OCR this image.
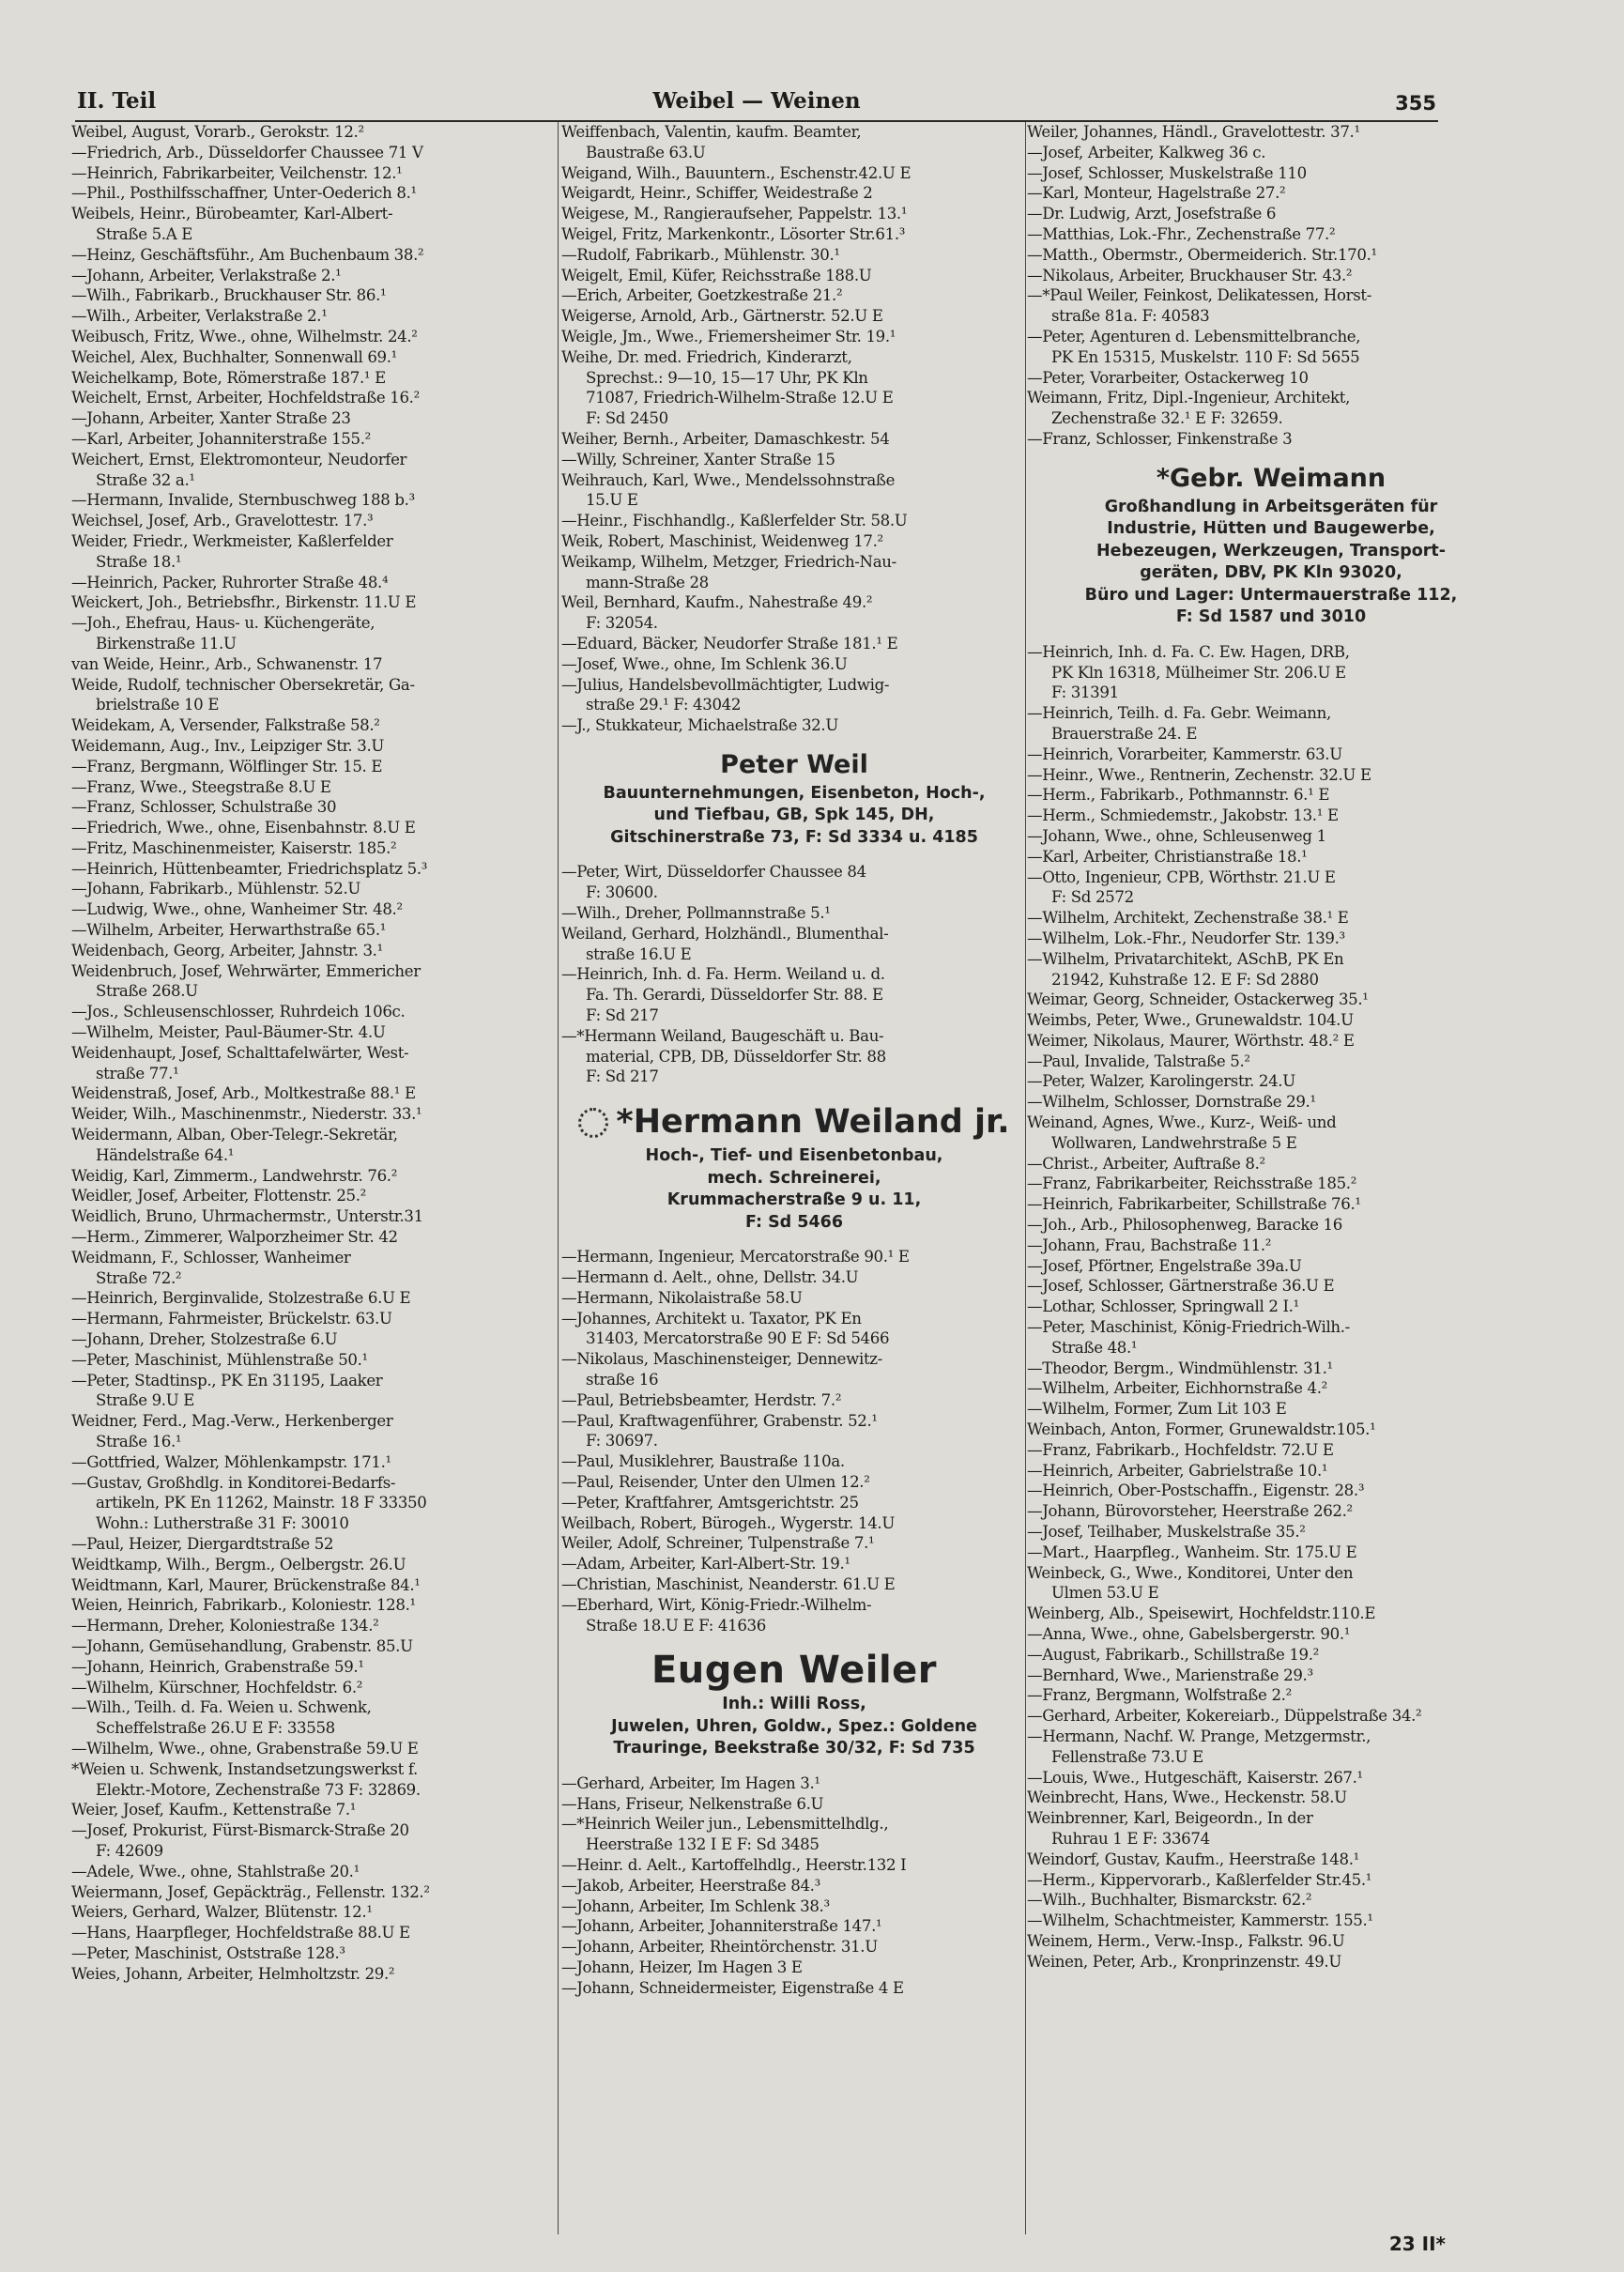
II. Teil	Weibel — Weinen	355
Weibel, August, Vorarb., Gerokstr. 12.²
—Friedrich, Arb., Düsseldorfer Chaussee 71 V
—Heinrich, Fabrikarbeiter, Veilchenstr. 12.¹
—Phil., Posthilfsschaffner, Unter-Oederich 8.¹
Weibels, Heinr., Bürobeamter, Karl-Albert-
Straße 5.A E
—Heinz, Geschäftsführ., Am Buchenbaum 38.²
—Johann, Arbeiter, Verlakstraße 2.¹
—Wilh., Fabrikarb., Bruckhauser Str. 86.¹
—Wilh., Arbeiter, Verlakstraße 2.¹
Weibusch, Fritz, Wwe., ohne, Wilhelmstr. 24.²
Weichel, Alex, Buchhalter, Sonnenwall 69.¹
Weichelkamp, Bote, Römerstraße 187.¹ E
Weichelt, Ernst, Arbeiter, Hochfeldstraße 16.²
—Johann, Arbeiter, Xanter Straße 23
—Karl, Arbeiter, Johanniterstraße 155.²
Weichert, Ernst, Elektromonteur, Neudorfer
Straße 32 a.¹
—Hermann, Invalide, Sternbuschweg 188 b.³
Weichsel, Josef, Arb., Gravelottestr. 17.³
Weider, Friedr., Werkmeister, Kaßlerfelder
Straße 18.¹
—Heinrich, Packer, Ruhrorter Straße 48.⁴
Weickert, Joh., Betriebsfhr., Birkenstr. 11.U E
—Joh., Ehefrau, Haus- u. Küchengeräte,
Birkenstraße 11.U
van Weide, Heinr., Arb., Schwanenstr. 17
Weide, Rudolf, technischer Obersekretär, Ga-
brielstraße 10 E
Weidekam, A, Versender, Falkstraße 58.²
Weidemann, Aug., Inv., Leipziger Str. 3.U
—Franz, Bergmann, Wölflinger Str. 15. E
—Franz, Wwe., Steegstraße 8.U E
—Franz, Schlosser, Schulstraße 30
—Friedrich, Wwe., ohne, Eisenbahnstr. 8.U E
—Fritz, Maschinenmeister, Kaiserstr. 185.²
—Heinrich, Hüttenbeamter, Friedrichsplatz 5.³
—Johann, Fabrikarb., Mühlenstr. 52.U
—Ludwig, Wwe., ohne, Wanheimer Str. 48.²
—Wilhelm, Arbeiter, Herwarthstraße 65.¹
Weidenbach, Georg, Arbeiter, Jahnstr. 3.¹
Weidenbruch, Josef, Wehrwärter, Emmericher
Straße 268.U
—Jos., Schleusenschlosser, Ruhrdeich 106c.
—Wilhelm, Meister, Paul-Bäumer-Str. 4.U
Weidenhaupt, Josef, Schalttafelwärter, West-
straße 77.¹
Weidenstraß, Josef, Arb., Moltkestraße 88.¹ E
Weider, Wilh., Maschinenmstr., Niederstr. 33.¹
Weidermann, Alban, Ober-Telegr.-Sekretär,
Händelstraße 64.¹
Weidig, Karl, Zimmerm., Landwehrstr. 76.²
Weidler, Josef, Arbeiter, Flottenstr. 25.²
Weidlich, Bruno, Uhrmachermstr., Unterstr.31
—Herm., Zimmerer, Walporzheimer Str. 42
Weidmann, F., Schlosser, Wanheimer
Straße 72.²
—Heinrich, Berginvalide, Stolzestraße 6.U E
—Hermann, Fahrmeister, Brückelstr. 63.U
—Johann, Dreher, Stolzestraße 6.U
—Peter, Maschinist, Mühlenstraße 50.¹
—Peter, Stadtinsp., PK En 31195, Laaker
Straße 9.U E
Weidner, Ferd., Mag.-Verw., Herkenberger
Straße 16.¹
—Gottfried, Walzer, Möhlenkampstr. 171.¹
—Gustav, Großhdlg. in Konditorei-Bedarfs-
artikeln, PK En 11262, Mainstr. 18 F 33350
Wohn.: Lutherstraße 31 F: 30010
—Paul, Heizer, Diergardtstraße 52
Weidtkamp, Wilh., Bergm., Oelbergstr. 26.U
Weidtmann, Karl, Maurer, Brückenstraße 84.¹
Weien, Heinrich, Fabrikarb., Koloniestr. 128.¹
—Hermann, Dreher, Koloniestraße 134.²
—Johann, Gemüsehandlung, Grabenstr. 85.U
—Johann, Heinrich, Grabenstraße 59.¹
—Wilhelm, Kürschner, Hochfeldstr. 6.²
—Wilh., Teilh. d. Fa. Weien u. Schwenk,
Scheffelstraße 26.U E F: 33558
—Wilhelm, Wwe., ohne, Grabenstraße 59.U E
*Weien u. Schwenk, Instandsetzungswerkst f.
Elektr.-Motore, Zechenstraße 73 F: 32869.
Weier, Josef, Kaufm., Kettenstraße 7.¹
—Josef, Prokurist, Fürst-Bismarck-Straße 20
F: 42609
—Adele, Wwe., ohne, Stahlstraße 20.¹
Weiermann, Josef, Gepäckträg., Fellenstr. 132.²
Weiers, Gerhard, Walzer, Blütenstr. 12.¹
—Hans, Haarpfleger, Hochfeldstraße 88.U E
—Peter, Maschinist, Oststraße 128.³
Weies, Johann, Arbeiter, Helmholtzstr. 29.²
Weiffenbach, Valentin, kaufm. Beamter,
Baustraße 63.U
Weigand, Wilh., Bauuntern., Eschenstr.42.U E
Weigardt, Heinr., Schiffer, Weidestraße 2
Weigese, M., Rangieraufseher, Pappelstr. 13.¹
Weigel, Fritz, Markenkontr., Lösorter Str.61.³
—Rudolf, Fabrikarb., Mühlenstr. 30.¹
Weigelt, Emil, Küfer, Reichsstraße 188.U
—Erich, Arbeiter, Goetzkestraße 21.²
Weigerse, Arnold, Arb., Gärtnerstr. 52.U E
Weigle, Jm., Wwe., Friemersheimer Str. 19.¹
Weihe, Dr. med. Friedrich, Kinderarzt,
Sprechst.: 9—10, 15—17 Uhr, PK Kln
71087, Friedrich-Wilhelm-Straße 12.U E
F: Sd 2450
Weiher, Bernh., Arbeiter, Damaschkestr. 54
—Willy, Schreiner, Xanter Straße 15
Weihrauch, Karl, Wwe., Mendelssohnstraße
15.U E
—Heinr., Fischhandlg., Kaßlerfelder Str. 58.U
Weik, Robert, Maschinist, Weidenweg 17.²
Weikamp, Wilhelm, Metzger, Friedrich-Nau-
mann-Straße 28
Weil, Bernhard, Kaufm., Nahestraße 49.²
F: 32054.
—Eduard, Bäcker, Neudorfer Straße 181.¹ E
—Josef, Wwe., ohne, Im Schlenk 36.U
—Julius, Handelsbevollmächtigter, Ludwig-
straße 29.¹ F: 43042
—J., Stukkateur, Michaelstraße 32.U
Peter Weil
Bauunternehmungen, Eisenbeton, Hoch-,
und Tiefbau, GB, Spk 145, DH,
Gitschinerstraße 73, F: Sd 3334 u. 4185
—Peter, Wirt, Düsseldorfer Chaussee 84
F: 30600.
—Wilh., Dreher, Pollmannstraße 5.¹
Weiland, Gerhard, Holzhändl., Blumenthal-
straße 16.U E
—Heinrich, Inh. d. Fa. Herm. Weiland u. d.
Fa. Th. Gerardi, Düsseldorfer Str. 88. E
F: Sd 217
—*Hermann Weiland, Baugeschäft u. Bau-
material, CPB, DB, Düsseldorfer Str. 88
F: Sd 217
*Hermann Weiland jr.
Hoch-, Tief- und Eisenbetonbau,
mech. Schreinerei,
Krummacherstraße 9 u. 11,
F: Sd 5466
—Hermann, Ingenieur, Mercatorstraße 90.¹ E
—Hermann d. Aelt., ohne, Dellstr. 34.U
—Hermann, Nikolaistraße 58.U
—Johannes, Architekt u. Taxator, PK En
31403, Mercatorstraße 90 E F: Sd 5466
—Nikolaus, Maschinensteiger, Dennewitz-
straße 16
—Paul, Betriebsbeamter, Herdstr. 7.²
—Paul, Kraftwagenführer, Grabenstr. 52.¹
F: 30697.
—Paul, Musiklehrer, Baustraße 110a.
—Paul, Reisender, Unter den Ulmen 12.²
—Peter, Kraftfahrer, Amtsgerichtstr. 25
Weilbach, Robert, Bürogeh., Wygerstr. 14.U
Weiler, Adolf, Schreiner, Tulpenstraße 7.¹
—Adam, Arbeiter, Karl-Albert-Str. 19.¹
—Christian, Maschinist, Neanderstr. 61.U E
—Eberhard, Wirt, König-Friedr.-Wilhelm-
Straße 18.U E F: 41636
Eugen Weiler
Inh.: Willi Ross,
Juwelen, Uhren, Goldw., Spez.: Goldene
Trauringe, Beekstraße 30/32, F: Sd 735
—Gerhard, Arbeiter, Im Hagen 3.¹
—Hans, Friseur, Nelkenstraße 6.U
—*Heinrich Weiler jun., Lebensmittelhdlg.,
Heerstraße 132 I E F: Sd 3485
—Heinr. d. Aelt., Kartoffelhdlg., Heerstr.132 I
—Jakob, Arbeiter, Heerstraße 84.³
—Johann, Arbeiter, Im Schlenk 38.³
—Johann, Arbeiter, Johanniterstraße 147.¹
—Johann, Arbeiter, Rheintörchenstr. 31.U
—Johann, Heizer, Im Hagen 3 E
—Johann, Schneidermeister, Eigenstraße 4 E
Weiler, Johannes, Händl., Gravelottestr. 37.¹
—Josef, Arbeiter, Kalkweg 36 c.
—Josef, Schlosser, Muskelstraße 110
—Karl, Monteur, Hagelstraße 27.²
—Dr. Ludwig, Arzt, Josefstraße 6
—Matthias, Lok.-Fhr., Zechenstraße 77.²
—Matth., Obermstr., Obermeiderich. Str.170.¹
—Nikolaus, Arbeiter, Bruckhauser Str. 43.²
—*Paul Weiler, Feinkost, Delikatessen, Horst-
straße 81a. F: 40583
—Peter, Agenturen d. Lebensmittelbranche,
PK En 15315, Muskelstr. 110 F: Sd 5655
—Peter, Vorarbeiter, Ostackerweg 10
Weimann, Fritz, Dipl.-Ingenieur, Architekt,
Zechenstraße 32.¹ E F: 32659.
—Franz, Schlosser, Finkenstraße 3
*Gebr. Weimann
Großhandlung in Arbeitsgeräten für
Industrie, Hütten und Baugewerbe,
Hebezeugen, Werkzeugen, Transport-
geräten, DBV, PK Kln 93020,
Büro und Lager: Untermauerstraße 112,
F: Sd 1587 und 3010
—Heinrich, Inh. d. Fa. C. Ew. Hagen, DRB,
PK Kln 16318, Mülheimer Str. 206.U E
F: 31391
—Heinrich, Teilh. d. Fa. Gebr. Weimann,
Brauerstraße 24. E
—Heinrich, Vorarbeiter, Kammerstr. 63.U
—Heinr., Wwe., Rentnerin, Zechenstr. 32.U E
—Herm., Fabrikarb., Pothmannstr. 6.¹ E
—Herm., Schmiedemstr., Jakobstr. 13.¹ E
—Johann, Wwe., ohne, Schleusenweg 1
—Karl, Arbeiter, Christianstraße 18.¹
—Otto, Ingenieur, CPB, Wörthstr. 21.U E
F: Sd 2572
—Wilhelm, Architekt, Zechenstraße 38.¹ E
—Wilhelm, Lok.-Fhr., Neudorfer Str. 139.³
—Wilhelm, Privatarchitekt, ASchB, PK En
21942, Kuhstraße 12. E F: Sd 2880
Weimar, Georg, Schneider, Ostackerweg 35.¹
Weimbs, Peter, Wwe., Grunewaldstr. 104.U
Weimer, Nikolaus, Maurer, Wörthstr. 48.² E
—Paul, Invalide, Talstraße 5.²
—Peter, Walzer, Karolingerstr. 24.U
—Wilhelm, Schlosser, Dornstraße 29.¹
Weinand, Agnes, Wwe., Kurz-, Weiß- und
Wollwaren, Landwehrstraße 5 E
—Christ., Arbeiter, Auftraße 8.²
—Franz, Fabrikarbeiter, Reichsstraße 185.²
—Heinrich, Fabrikarbeiter, Schillstraße 76.¹
—Joh., Arb., Philosophenweg, Baracke 16
—Johann, Frau, Bachstraße 11.²
—Josef, Pförtner, Engelstraße 39a.U
—Josef, Schlosser, Gärtnerstraße 36.U E
—Lothar, Schlosser, Springwall 2 I.¹
—Peter, Maschinist, König-Friedrich-Wilh.-
Straße 48.¹
—Theodor, Bergm., Windmühlenstr. 31.¹
—Wilhelm, Arbeiter, Eichhornstraße 4.²
—Wilhelm, Former, Zum Lit 103 E
Weinbach, Anton, Former, Grunewaldstr.105.¹
—Franz, Fabrikarb., Hochfeldstr. 72.U E
—Heinrich, Arbeiter, Gabrielstraße 10.¹
—Heinrich, Ober-Postschaffn., Eigenstr. 28.³
—Johann, Bürovorsteher, Heerstraße 262.²
—Josef, Teilhaber, Muskelstraße 35.²
—Mart., Haarpfleg., Wanheim. Str. 175.U E
Weinbeck, G., Wwe., Konditorei, Unter den
Ulmen 53.U E
Weinberg, Alb., Speisewirt, Hochfeldstr.110.E
—Anna, Wwe., ohne, Gabelsbergerstr. 90.¹
—August, Fabrikarb., Schillstraße 19.²
—Bernhard, Wwe., Marienstraße 29.³
—Franz, Bergmann, Wolfstraße 2.²
—Gerhard, Arbeiter, Kokereiarb., Düppelstraße 34.²
—Hermann, Nachf. W. Prange, Metzgermstr.,
Fellenstraße 73.U E
—Louis, Wwe., Hutgeschäft, Kaiserstr. 267.¹
Weinbrecht, Hans, Wwe., Heckenstr. 58.U
Weinbrenner, Karl, Beigeordn., In der
Ruhrau 1 E F: 33674
Weindorf, Gustav, Kaufm., Heerstraße 148.¹
—Herm., Kippervorarb., Kaßlerfelder Str.45.¹
—Wilh., Buchhalter, Bismarckstr. 62.²
—Wilhelm, Schachtmeister, Kammerstr. 155.¹
Weinem, Herm., Verw.-Insp., Falkstr. 96.U
Weinen, Peter, Arb., Kronprinzenstr. 49.U
23 II*
